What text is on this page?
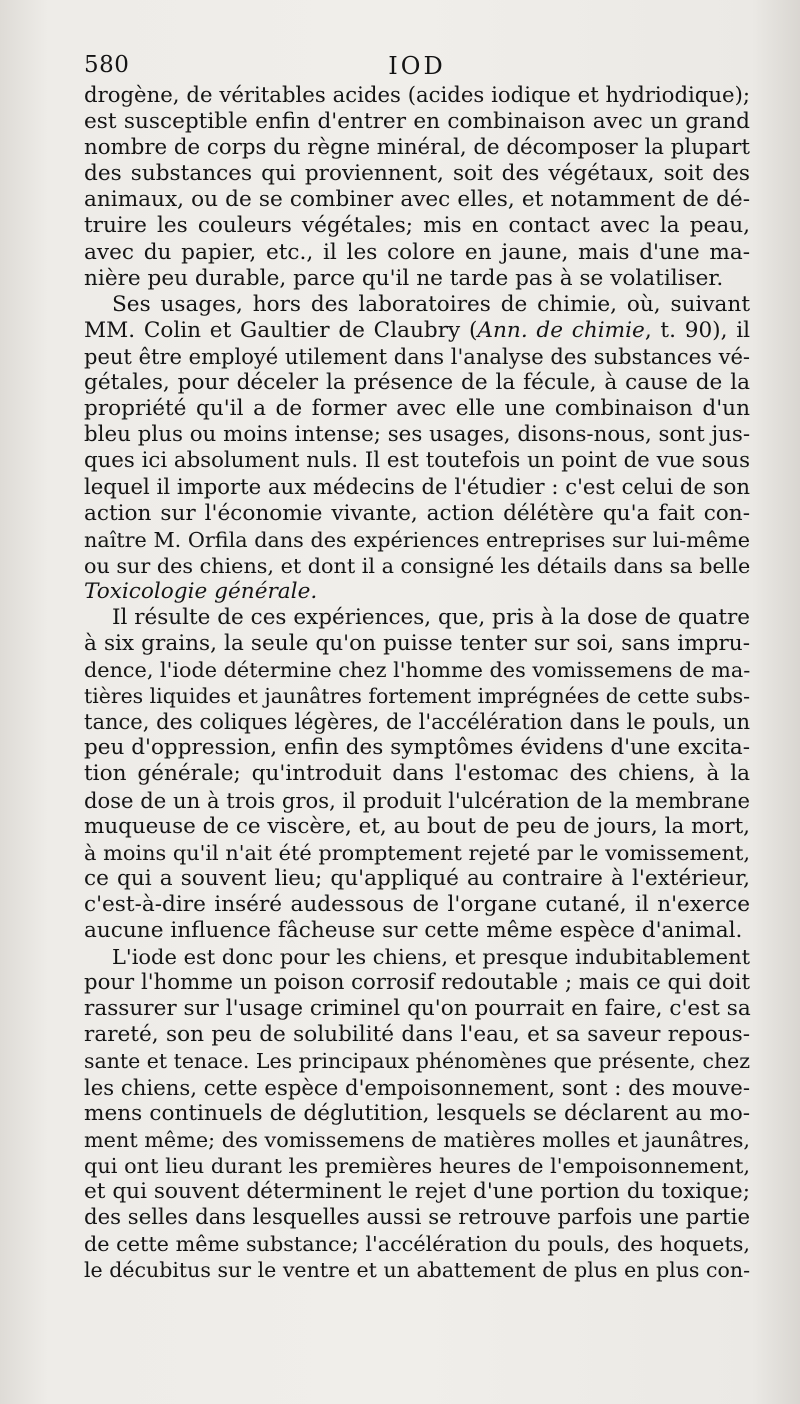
580	IOD
drogène, de véritables acides (acides iodique et hydriodique);
est susceptible enfin d'entrer en combinaison avec un grand
nombre de corps du règne minéral, de décomposer la plupart
des substances qui proviennent, soit des végétaux, soit des
animaux, ou de se combiner avec elles, et notamment de dé-
truire les couleurs végétales; mis en contact avec la peau,
avec du papier, etc., il les colore en jaune, mais d'une ma-
nière peu durable, parce qu'il ne tarde pas à se volatiliser.
Ses usages, hors des laboratoires de chimie, où, suivant
MM. Colin et Gaultier de Claubry (Ann. de chimie, t. 90), il
peut être employé utilement dans l'analyse des substances vé-
gétales, pour déceler la présence de la fécule, à cause de la
propriété qu'il a de former avec elle une combinaison d'un
bleu plus ou moins intense; ses usages, disons-nous, sont jus-
ques ici absolument nuls. Il est toutefois un point de vue sous
lequel il importe aux médecins de l'étudier : c'est celui de son
action sur l'économie vivante, action délétère qu'a fait con-
naître M. Orfila dans des expériences entreprises sur lui-même
ou sur des chiens, et dont il a consigné les détails dans sa belle
Toxicologie générale.
Il résulte de ces expériences, que, pris à la dose de quatre
à six grains, la seule qu'on puisse tenter sur soi, sans impru-
dence, l'iode détermine chez l'homme des vomissemens de ma-
tières liquides et jaunâtres fortement imprégnées de cette subs-
tance, des coliques légères, de l'accélération dans le pouls, un
peu d'oppression, enfin des symptômes évidens d'une excita-
tion générale; qu'introduit dans l'estomac des chiens, à la
dose de un à trois gros, il produit l'ulcération de la membrane
muqueuse de ce viscère, et, au bout de peu de jours, la mort,
à moins qu'il n'ait été promptement rejeté par le vomissement,
ce qui a souvent lieu; qu'appliqué au contraire à l'extérieur,
c'est-à-dire inséré audessous de l'organe cutané, il n'exerce
aucune influence fâcheuse sur cette même espèce d'animal.
L'iode est donc pour les chiens, et presque indubitablement
pour l'homme un poison corrosif redoutable ; mais ce qui doit
rassurer sur l'usage criminel qu'on pourrait en faire, c'est sa
rareté, son peu de solubilité dans l'eau, et sa saveur repous-
sante et tenace. Les principaux phénomènes que présente, chez
les chiens, cette espèce d'empoisonnement, sont : des mouve-
mens continuels de déglutition, lesquels se déclarent au mo-
ment même; des vomissemens de matières molles et jaunâtres,
qui ont lieu durant les premières heures de l'empoisonnement,
et qui souvent déterminent le rejet d'une portion du toxique;
des selles dans lesquelles aussi se retrouve parfois une partie
de cette même substance; l'accélération du pouls, des hoquets,
le décubitus sur le ventre et un abattement de plus en plus con-
